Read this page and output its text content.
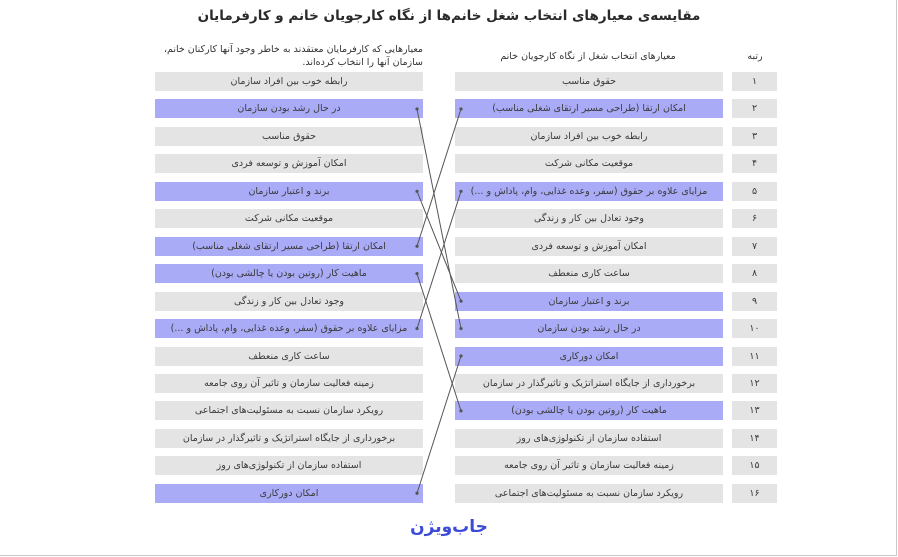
مقایسه‌ی معیارهای انتخاب شغل خانم‌ها از نگاه کارجویان خانم و کارفرمایان
رتبه
معیارهای انتخاب شغل از نگاه کارجویان خانم
معیارهایی که کارفرمایان معتقدند به خاطر وجود آنها کارکنان خانم، سازمان آنها را انتخاب کرده‌اند.
۱
حقوق مناسب
رابطه خوب بین افراد سازمان
۲
امکان ارتقا (طراحی مسیر ارتقای شغلی مناسب)
در حال رشد بودن سازمان
۳
رابطه خوب بین افراد سازمان
حقوق مناسب
۴
موقعیت مکانی شرکت
امکان آموزش و توسعه فردی
۵
مزایای علاوه بر حقوق (سفر، وعده غذایی، وام، پاداش و ...)
برند و اعتبار سازمان
۶
وجود تعادل بین کار و زندگی
موقعیت مکانی شرکت
۷
امکان آموزش و توسعه فردی
امکان ارتقا (طراحی مسیر ارتقای شغلی مناسب)
۸
ساعت کاری منعطف
ماهیت کار (روتین بودن یا چالشی بودن)
۹
برند و اعتبار سازمان
وجود تعادل بین کار و زندگی
۱۰
در حال رشد بودن سازمان
مزایای علاوه بر حقوق (سفر، وعده غذایی، وام، پاداش و ...)
۱۱
امکان دورکاری
ساعت کاری منعطف
۱۲
برخورداری از جایگاه استراتژیک و تاثیرگذار در سازمان
زمینه فعالیت سازمان و تاثیر آن روی جامعه
۱۳
ماهیت کار (روتین بودن یا چالشی بودن)
رویکرد سازمان نسبت به مسئولیت‌های اجتماعی
۱۴
استفاده سازمان از تکنولوژی‌های روز
برخورداری از جایگاه استراتژیک و تاثیرگذار در سازمان
۱۵
زمینه فعالیت سازمان و تاثیر آن روی جامعه
استفاده سازمان از تکنولوژی‌های روز
۱۶
رویکرد سازمان نسبت به مسئولیت‌های اجتماعی
امکان دورکاری
جاب‌ویژن
